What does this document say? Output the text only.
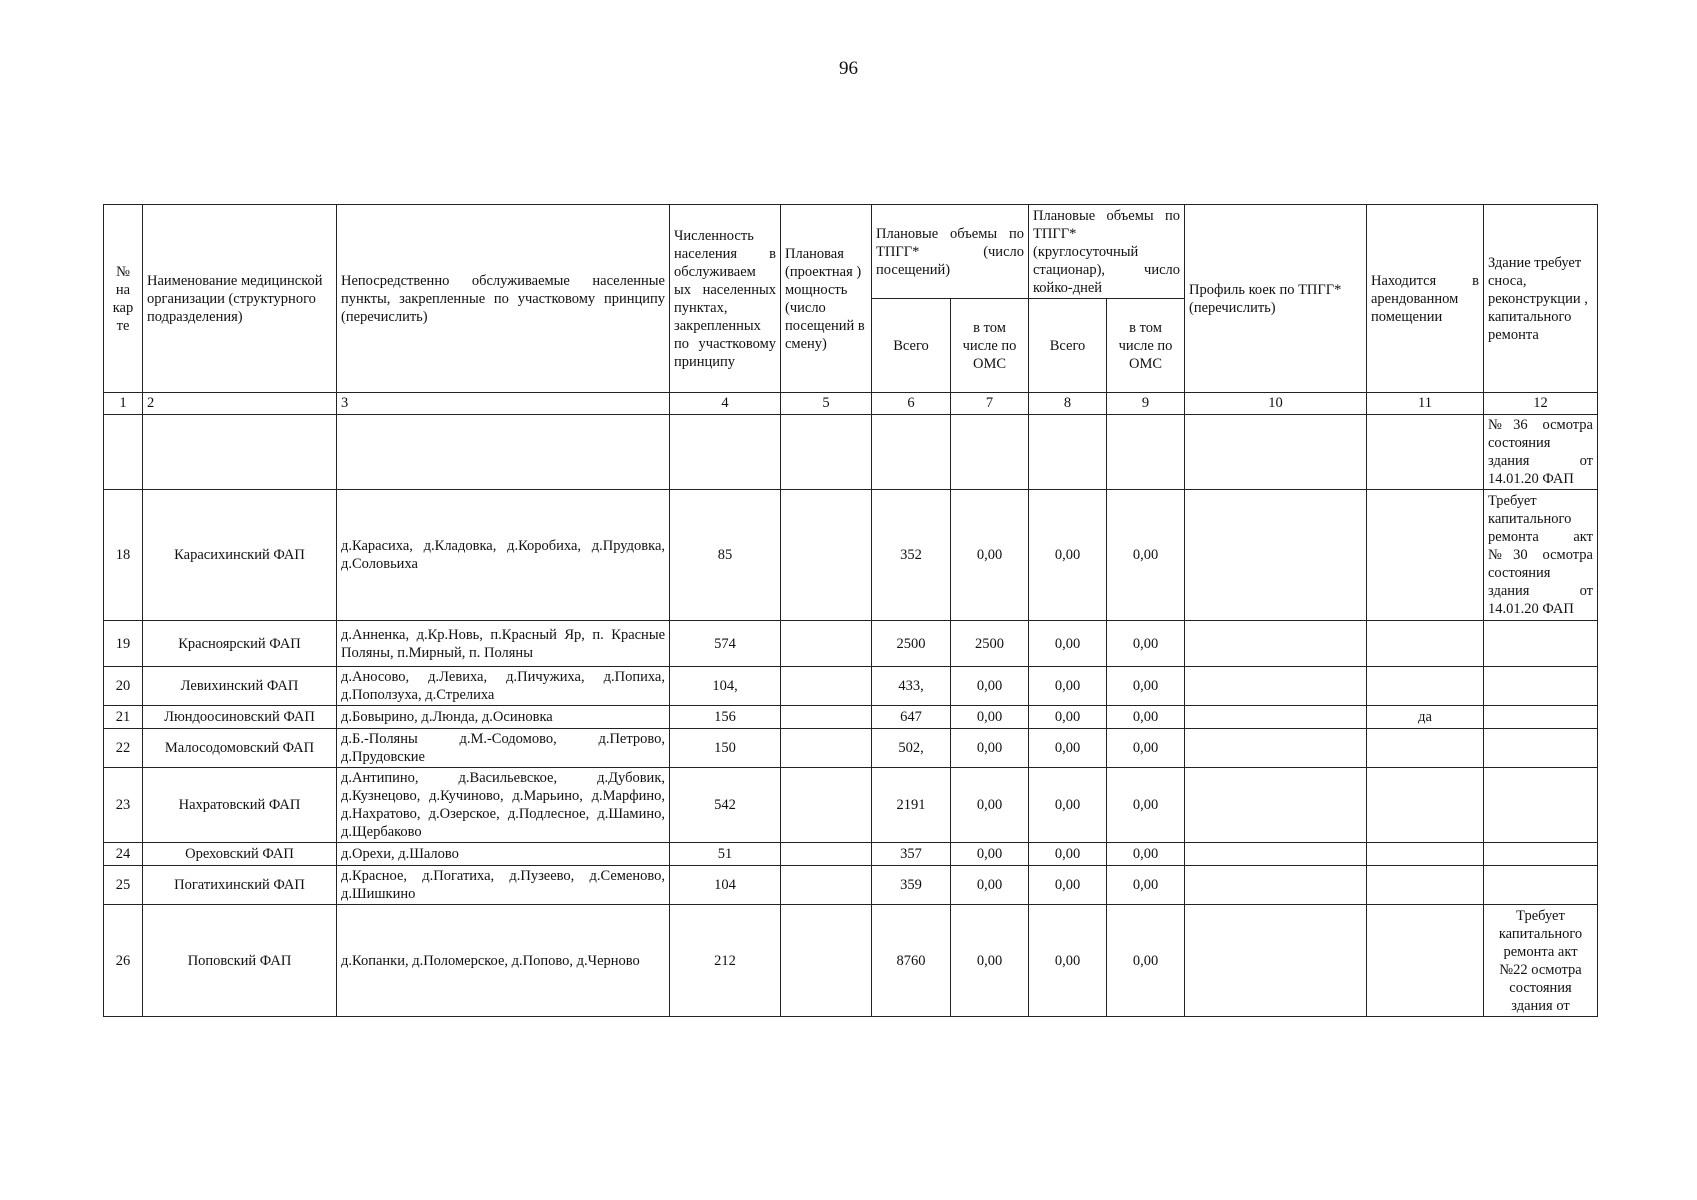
96
№ на кар те	Наименование медицинской организации (структурного подразделения)	Непосредственно обслуживаемые населенные пункты, закрепленные по участковому принципу (перечислить)	Численность населения в обслуживаем ых населенных пунктах, закрепленных по участковому принципу	Плановая (проектная ) мощность (число посещений в смену)	Плановые объемы по ТПГГ* (число посещений)		Плановые объемы по ТПГГ* (круглосуточный стационар), число койко-дней		Профиль коек по ТПГГ* (перечислить)	Находится в арендованном помещении	Здание требует сноса, реконструкции , капитального ремонта
					Всего	в том числе по ОМС	Всего	в том числе по ОМС			
1	2	3	4	5	6	7	8	9	10	11	12
											№36 осмотра состояния здания от 14.01.20 ФАП
18	Карасихинский ФАП	д.Карасиха, д.Кладовка, д.Коробиха, д.Прудовка, д.Соловьиха	85		352	0,00	0,00	0,00			Требует капитального ремонта акт №30 осмотра состояния здания от 14.01.20 ФАП
19	Красноярский ФАП	д.Анненка, д.Кр.Новь, п.Красный Яр, п. Красные Поляны, п.Мирный, п. Поляны	574		2500	2500	0,00	0,00			
20	Левихинский ФАП	д.Аносово, д.Левиха, д.Пичужиха, д.Попиха, д.Поползуха, д.Стрелиха	104,		433,	0,00	0,00	0,00			
21	Люндоосиновский ФАП	д.Бовырино, д.Люнда, д.Осиновка	156		647	0,00	0,00	0,00		да	
22	Малосодомовский ФАП	д.Б.-Поляны д.М.-Содомово, д.Петрово, д.Прудовские	150		502,	0,00	0,00	0,00			
23	Нахратовский ФАП	д.Антипино, д.Васильевское, д.Дубовик, д.Кузнецово, д.Кучиново, д.Марьино, д.Марфино, д.Нахратово, д.Озерское, д.Подлесное, д.Шамино, д.Щербаково	542		2191	0,00	0,00	0,00			
24	Ореховский ФАП	д.Орехи, д.Шалово	51		357	0,00	0,00	0,00			
25	Погатихинский ФАП	д.Красное, д.Погатиха, д.Пузеево, д.Семеново, д.Шишкино	104		359	0,00	0,00	0,00			
26	Поповский ФАП	д.Копанки, д.Поломерское, д.Попово, д.Черново	212		8760	0,00	0,00	0,00			Требует капитального ремонта акт №22 осмотра состояния здания от
